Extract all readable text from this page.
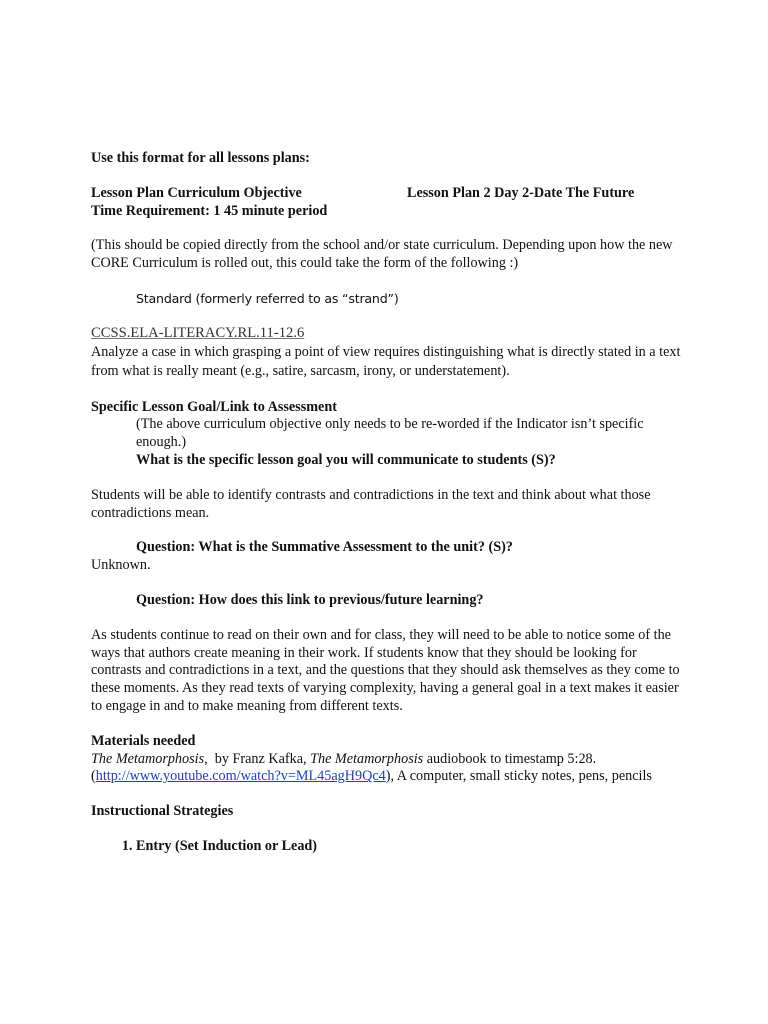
Use this format for all lessons plans:

Lesson Plan Curriculum Objective	Lesson Plan 2 Day 2-Date The Future

Time Requirement: 1 45 minute period

(This should be copied directly from the school and/or state curriculum. Depending upon how the new CORE Curriculum is rolled out, this could take the form of the following :)

Standard (formerly referred to as “strand”)

CCSS.ELA-LITERACY.RL.11-12.6

Analyze a case in which grasping a point of view requires distinguishing what is directly stated in a text from what is really meant (e.g., satire, sarcasm, irony, or understatement).

Specific Lesson Goal/Link to Assessment

(The above curriculum objective only needs to be re-worded if the Indicator isn’t specific enough.)

What is the specific lesson goal you will communicate to students (S)?

Students will be able to identify contrasts and contradictions in the text and think about what those contradictions mean.

Question: What is the Summative Assessment to the unit? (S)?

Unknown.

Question: How does this link to previous/future learning?

As students continue to read on their own and for class, they will need to be able to notice some of the ways that authors create meaning in their work. If students know that they should be looking for contrasts and contradictions in a text, and the questions that they should ask themselves as they come to these moments. As they read texts of varying complexity, having a general goal in a text makes it easier to engage in and to make meaning from different texts.

Materials needed

The Metamorphosis,  by Franz Kafka, The Metamorphosis audiobook to timestamp 5:28.(http://www.youtube.com/watch?v=ML45agH9Qc4), A computer, small sticky notes, pens, pencils

Instructional Strategies

1. Entry (Set Induction or Lead)
